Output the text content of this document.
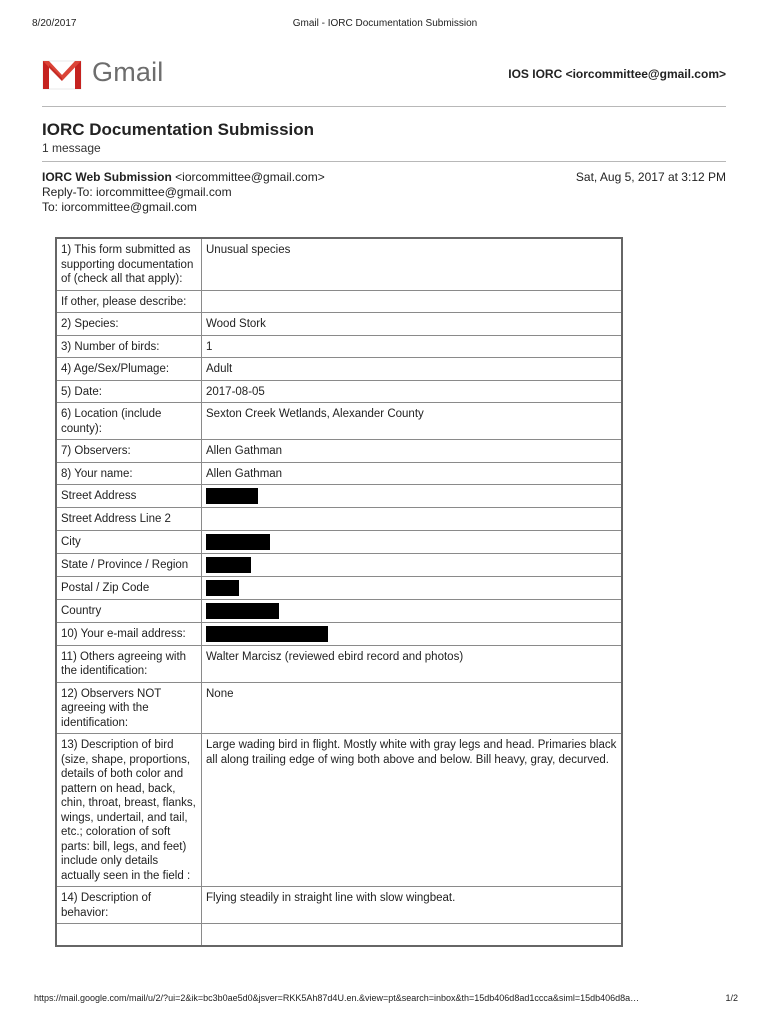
8/20/2017	Gmail - IORC Documentation Submission
Gmail	IOS IORC <iorcommittee@gmail.com>
IORC Documentation Submission
1 message
IORC Web Submission <iorcommittee@gmail.com>
Reply-To: iorcommittee@gmail.com
To: iorcommittee@gmail.com
Sat, Aug 5, 2017 at 3:12 PM
1) This form submitted as supporting documentation of (check all that apply):	Unusual species
If other, please describe:	
2) Species:	Wood Stork
3) Number of birds:	1
4) Age/Sex/Plumage:	Adult
5) Date:	2017-08-05
6) Location (include county):	Sexton Creek Wetlands, Alexander County
7) Observers:	Allen Gathman
8) Your name:	Allen Gathman
Street Address	
Street Address Line 2	
City	
State / Province / Region	
Postal / Zip Code	
Country	
10) Your e-mail address:	
11) Others agreeing with the identification:	Walter Marcisz (reviewed ebird record and photos)
12) Observers NOT agreeing with the identification:	None
13) Description of bird (size, shape, proportions, details of both color and pattern on head, back, chin, throat, breast, flanks, wings, undertail, and tail, etc.; coloration of soft parts: bill, legs, and feet) include only details actually seen in the field :	Large wading bird in flight. Mostly white with gray legs and head. Primaries black all along trailing edge of wing both above and below. Bill heavy, gray, decurved.
14) Description of behavior:	Flying steadily in straight line with slow wingbeat.

https://mail.google.com/mail/u/2/?ui=2&ik=bc3b0ae5d0&jsver=RKK5Ah87d4U.en.&view=pt&search=inbox&th=15db406d8ad1ccca&siml=15db406d8a…	1/2
